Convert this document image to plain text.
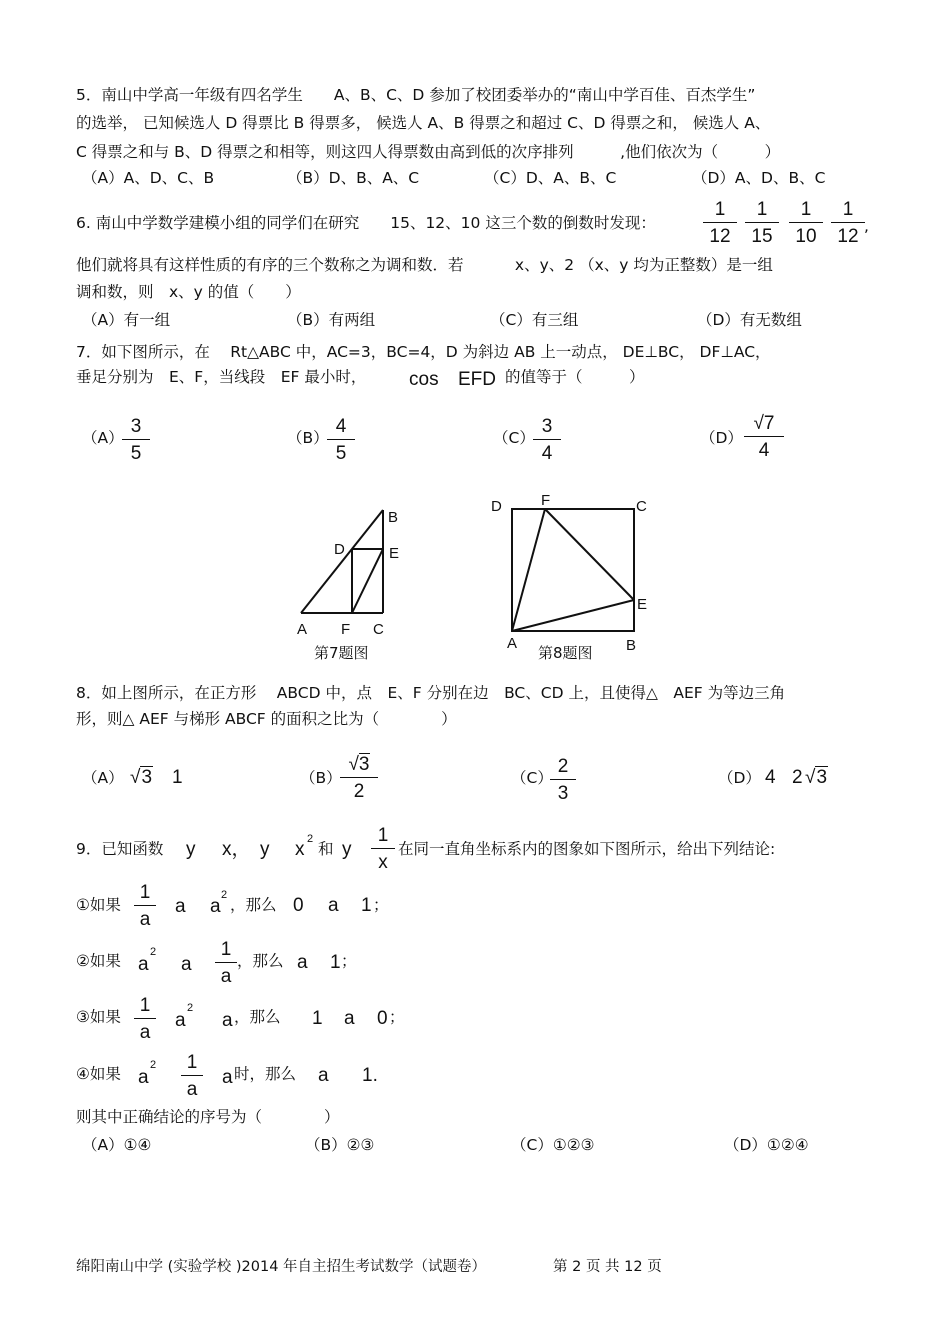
5．南山中学高一年级有四名学生　　A、B、C、D 参加了校团委举办的“南山中学百佳、百杰学生”
的选举， 已知候选人 D 得票比 B 得票多， 候选人 A、B 得票之和超过 C、D 得票之和， 候选人 A、
C 得票之和与 B、D 得票之和相等，则这四人得票数由高到低的次序排列　　　,他们依次为（　　　）
（A）A、D、C、B	（B）D、B、A、C	（C）D、A、B、C	（D）A、D、B、C
6. 南山中学数学建模小组的同学们在研究　　15、12、10 这三个数的倒数时发现： $\frac{1}{12} \frac{1}{15} \frac{1}{10} \frac{1}{12}$ ,
他们就将具有这样性质的有序的三个数称之为调和数．若　　　 x、y、2 （x、y 均为正整数）是一组
调和数，则　x、y 的值（　　）
（A）有一组	（B）有两组	（C）有三组	（D）有无数组
7．如下图所示，在　 Rt△ABC 中，AC=3，BC=4，D 为斜边 AB 上一动点， DE⊥BC， DF⊥AC，
垂足分别为　E、F，当线段　EF 最小时， cos EFD 的值等于（　　　）
（A）
$\frac{3}{5}$	（B）
$\frac{4}{5}$	（C）
$\frac{3}{4}$	$(D) \frac{√7}{4}$
B
D	E
A F C
第7题图
D	F	C
E
A	B
第8题图
8．如上图所示，在正方形　 ABCD 中，点　E、F 分别在边　BC、CD 上，且使得△　AEF 为等边三角
形，则△ AEF 与梯形 ABCF 的面积之比为（　　　　）
（A） √3 1	（B）
$\frac{√3}{2}$	（C）
$\frac{2}{3}$	（D） 4 2 √3
9．已知函数 y x， y x 2
和 y $\frac{1}{x}$ 在同一直角坐标系内的图象如下图所示，给出下列结论:
①如果 $\frac{1}{a}$ a a
2
，那么 0 a 1 ；
②如果 a
2
a $\frac{1}{a}$ ，那么 a 1 ；
③如果 $\frac{1}{a}$ a
2
a ，那么 1 a 0 ；
④如果 a
$2 \frac{1}{a}$ a 时，那么 a 1.
则其中正确结论的序号为（　　　　）
（A）①④	（B）②③	（C）①②③	（D）①②④
绵阳南山中学 (实验学校 )2014 年自主招生考试数学（试题卷）	第 2 页 共 12 页
